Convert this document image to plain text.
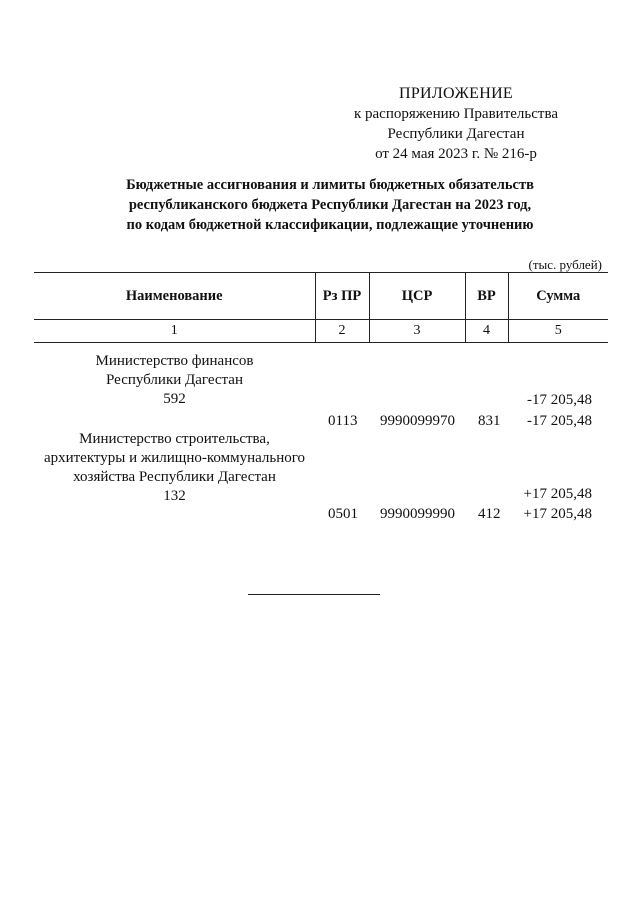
ПРИЛОЖЕНИЕ
к распоряжению Правительства
Республики Дагестан
от 24 мая 2023 г. № 216-р
Бюджетные ассигнования и лимиты бюджетных обязательств
республиканского бюджета Республики Дагестан на 2023 год,
по кодам бюджетной классификации, подлежащие уточнению
(тыс. рублей)
Наименование	Рз ПР	ЦСР	ВР	Сумма
1	2	3	4	5
Министерство финансов
Республики Дагестан
592	-17 205,48
0113 9990099970 831 -17 205,48
Министерство строительства,
архитектуры и жилищно-коммунального
хозяйства Республики Дагестан
132	+17 205,48
0501 9990099990 412 +17 205,48
